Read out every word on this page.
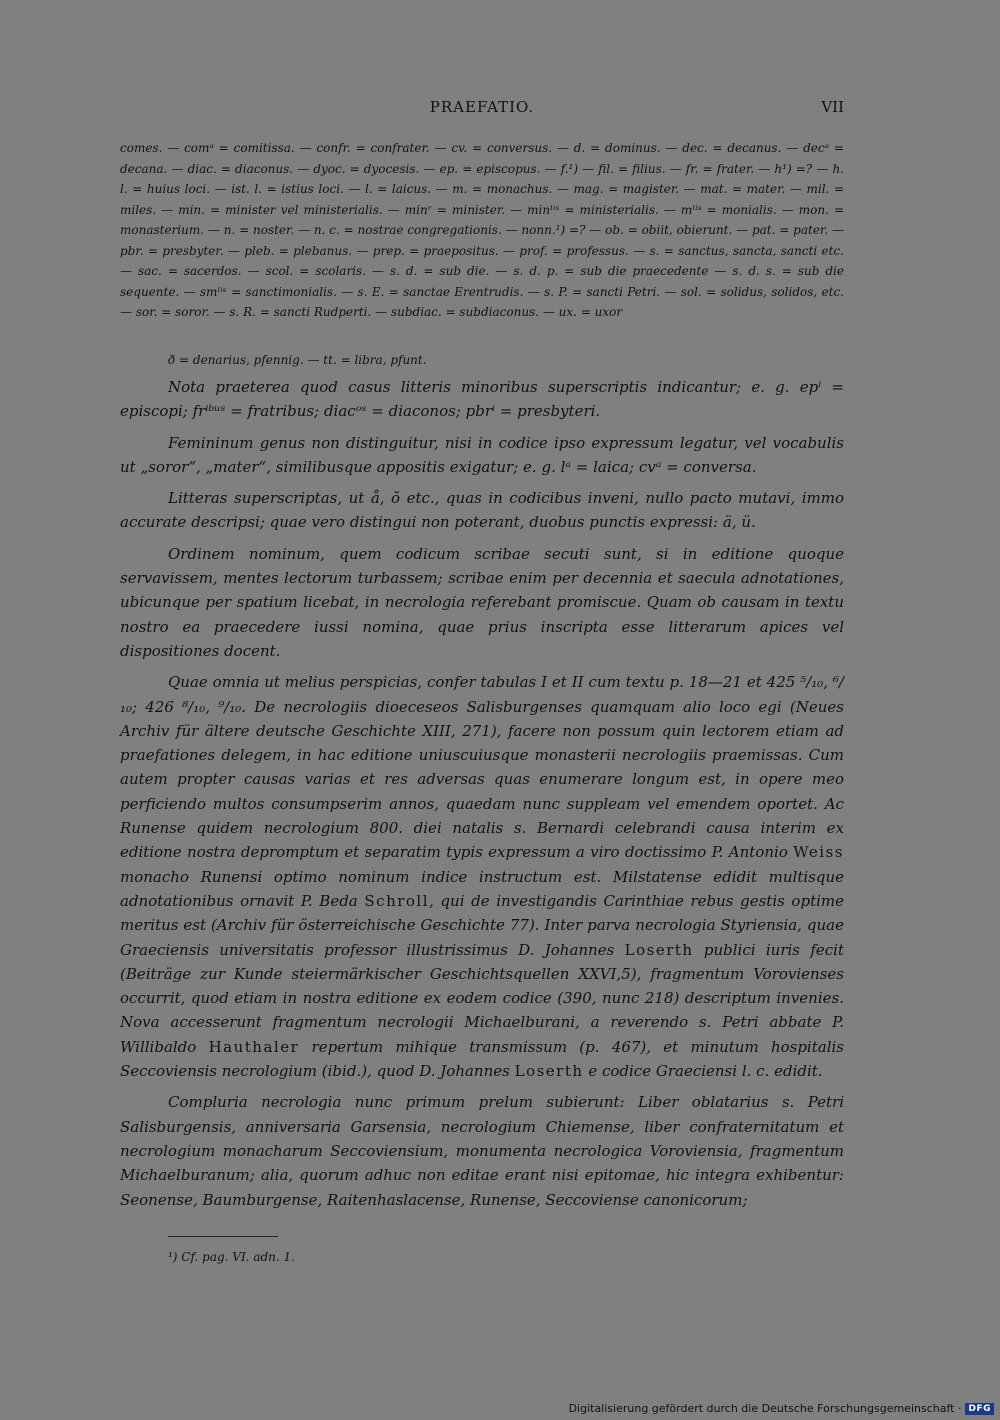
PRAEFATIO.	VII

comes. — comᵃ = comitissa. — confr. = confrater. — cv. = conversus. — d. = dominus. — dec. = decanus. — decᵃ = decana. — diac. = diaconus. — dyoc. = dyocesis. — ep. = episcopus. — f.¹) — fil. = filius. — fr. = frater. — h¹) =? — h. l. = huius loci. — ist. l. = istius loci. — l. = laicus. — m. = monachus. — mag. = magister. — mat. = mater. — mil. = miles. — min. = minister vel ministerialis. — minʳ = minister. — minˡⁱˢ = ministerialis. — mˡⁱˢ = monialis. — mon. = monasterium. — n. = noster. — n. c. = nostrae congregationis. — nonn.¹) =? — ob. = obiit, obierunt. — pat. = pater. — pbr. = presbyter. — pleb. = plebanus. — prep. = praepositus. — prof. = professus. — s. = sanctus, sancta, sancti etc. — sac. = sacerdos. — scol. = scolaris. — s. d. = sub die. — s. d. p. = sub die praecedente — s. d. s. = sub die sequente. — smˡⁱˢ = sanctimonialis. — s. E. = sanctae Erentrudis. — s. P. = sancti Petri. — sol. = solidus, solidos, etc. — sor. = soror. — s. R. = sancti Rudperti. — subdiac. = subdiaconus. — ux. = uxor

ð = denarius, pfennig. — tt. = libra, pfunt.

Nota praeterea quod casus litteris minoribus superscriptis indicantur; e. g. epⁱ = episcopi; frⁱᵇᵘˢ = fratribus; diacᵒˢ = diaconos; pbrⁱ = presbyteri.

Femininum genus non distinguitur, nisi in codice ipso expressum legatur, vel vocabulis ut „soror“, „mater“, similibusque appositis exigatur; e. g. lᵃ = laica; cvᵃ = conversa.

Litteras superscriptas, ut å, ŏ etc., quas in codicibus inveni, nullo pacto mutavi, immo accurate descripsi; quae vero distingui non poterant, duobus punctis expressi: ä, ü.

Ordinem nominum, quem codicum scribae secuti sunt, si in editione quoque servavissem, mentes lectorum turbassem; scribae enim per decennia et saecula adnotationes, ubicunque per spatium licebat, in necrologia referebant promiscue. Quam ob causam in textu nostro ea praecedere iussi nomina, quae prius inscripta esse litterarum apices vel dispositiones docent.

Quae omnia ut melius perspicias, confer tabulas I et II cum textu p. 18—21 et 425 ⁵/₁₀, ⁶/₁₀; 426 ⁸/₁₀, ⁹/₁₀. De necrologiis dioeceseos Salisburgenses quamquam alio loco egi (Neues Archiv für ältere deutsche Geschichte XIII, 271), facere non possum quin lectorem etiam ad praefationes delegem, in hac editione uniuscuiusque monasterii necrologiis praemissas. Cum autem propter causas varias et res adversas quas enumerare longum est, in opere meo perficiendo multos consumpserim annos, quaedam nunc suppleam vel emendem oportet. Ac Runense quidem necrologium 800. diei natalis s. Bernardi celebrandi causa interim ex editione nostra depromptum et separatim typis expressum a viro doctissimo P. Antonio Weiss monacho Runensi optimo nominum indice instructum est. Milstatense edidit multisque adnotationibus ornavit P. Beda Schroll, qui de investigandis Carinthiae rebus gestis optime meritus est (Archiv für österreichische Geschichte 77). Inter parva necrologia Styriensia, quae Graeciensis universitatis professor illustrissimus D. Johannes Loserth publici iuris fecit (Beiträge zur Kunde steiermärkischer Geschichtsquellen XXVI,5), fragmentum Vorovienses occurrit, quod etiam in nostra editione ex eodem codice (390, nunc 218) descriptum invenies. Nova accesserunt fragmentum necrologii Michaelburani, a reverendo s. Petri abbate P. Willibaldo Hauthaler repertum mihique transmissum (p. 467), et minutum hospitalis Seccoviensis necrologium (ibid.), quod D. Johannes Loserth e codice Graeciensi l. c. edidit.

Compluria necrologia nunc primum prelum subierunt: Liber oblatarius s. Petri Salisburgensis, anniversaria Garsensia, necrologium Chiemense, liber confraternitatum et necrologium monacharum Seccoviensium, monumenta necrologica Voroviensia, fragmentum Michaelburanum; alia, quorum adhuc non editae erant nisi epitomae, hic integra exhibentur: Seonense, Baumburgense, Raitenhaslacense, Runense, Seccoviense canonicorum;

¹) Cf. pag. VI. adn. 1.
Digitalisierung gefördert durch die Deutsche Forschungsgemeinschaft · DFG
